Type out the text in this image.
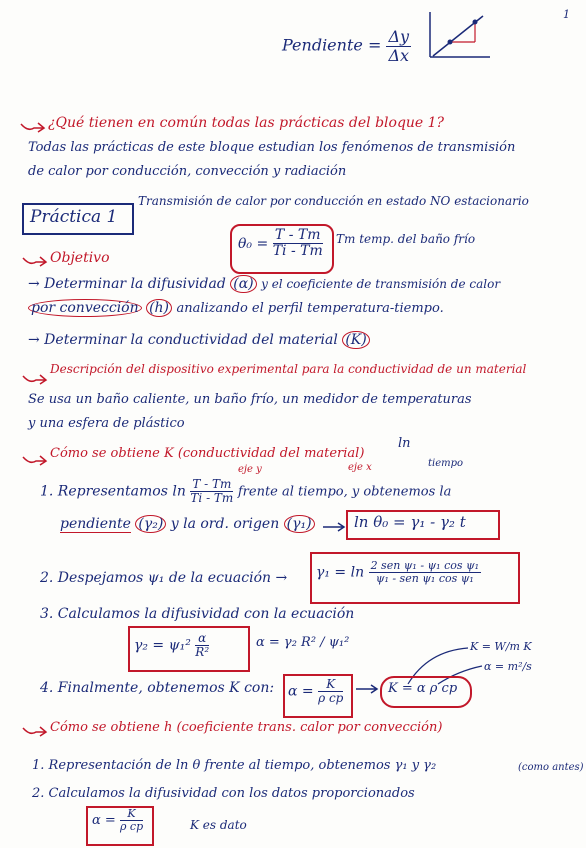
1
Pendiente = $\frac{\Delta y}{\Delta x}$
¿Qué tienen en común todas las prácticas del bloque 1?
Todas las prácticas de este bloque estudian los fenómenos de transmisión
de calor por conducción, convección y radiación
Práctica 1
Transmisión de calor por conducción en estado NO estacionario
$\theta_0 = \frac{T - Tm}{Ti - Tm}$ Tm temp. del baño frío
Objetivo
→ Determinar la difusividad (α) y el coeficiente de transmisión de calor
por convección (h) analizando el perfil temperatura-tiempo.
→ Determinar la conductividad del material (K)
Descripción del dispositivo experimental para la conductividad de un material
Se usa un baño caliente, un baño frío, un medidor de temperaturas
y una esfera de plástico
Cómo se obtiene K (conductividad del material)
ln
tiempo
eje y	eje x
1. Representamos $\ln \frac{T - Tm}{Ti - Tm}$ frente al tiempo, y obtenemos la
pendiente (γ₂) y la ord. origen (γ₁)	ln θ₀ = γ₁ - γ₂ t
2. Despejamos ψ₁ de la ecuación → $\gamma_1 = \ln \frac{\text{2 sen ψ₁ - ψ₁ cos ψ₁}}{\text{ψ₁ - sen ψ₁ cos ψ₁}}$
3. Calculamos la difusividad con la ecuación
$\gamma_2 = \psi_1^2 \frac{\alpha}{\text{R²}}$	α = γ₂ R² / ψ₁²	K = W/m K
α = m²/s
4. Finalmente, obtenemos K con: $\alpha = \frac{K}{\text{ρ cp}}$	K = α ρ cp
Cómo se obtiene h (coeficiente trans. calor por convección)
1. Representación de ln θ frente al tiempo, obtenemos γ₁ y γ₂	(como antes)
2. Calculamos la difusividad con los datos proporcionados
$\alpha = \frac{K}{\text{ρ cp}}$	K es dato
